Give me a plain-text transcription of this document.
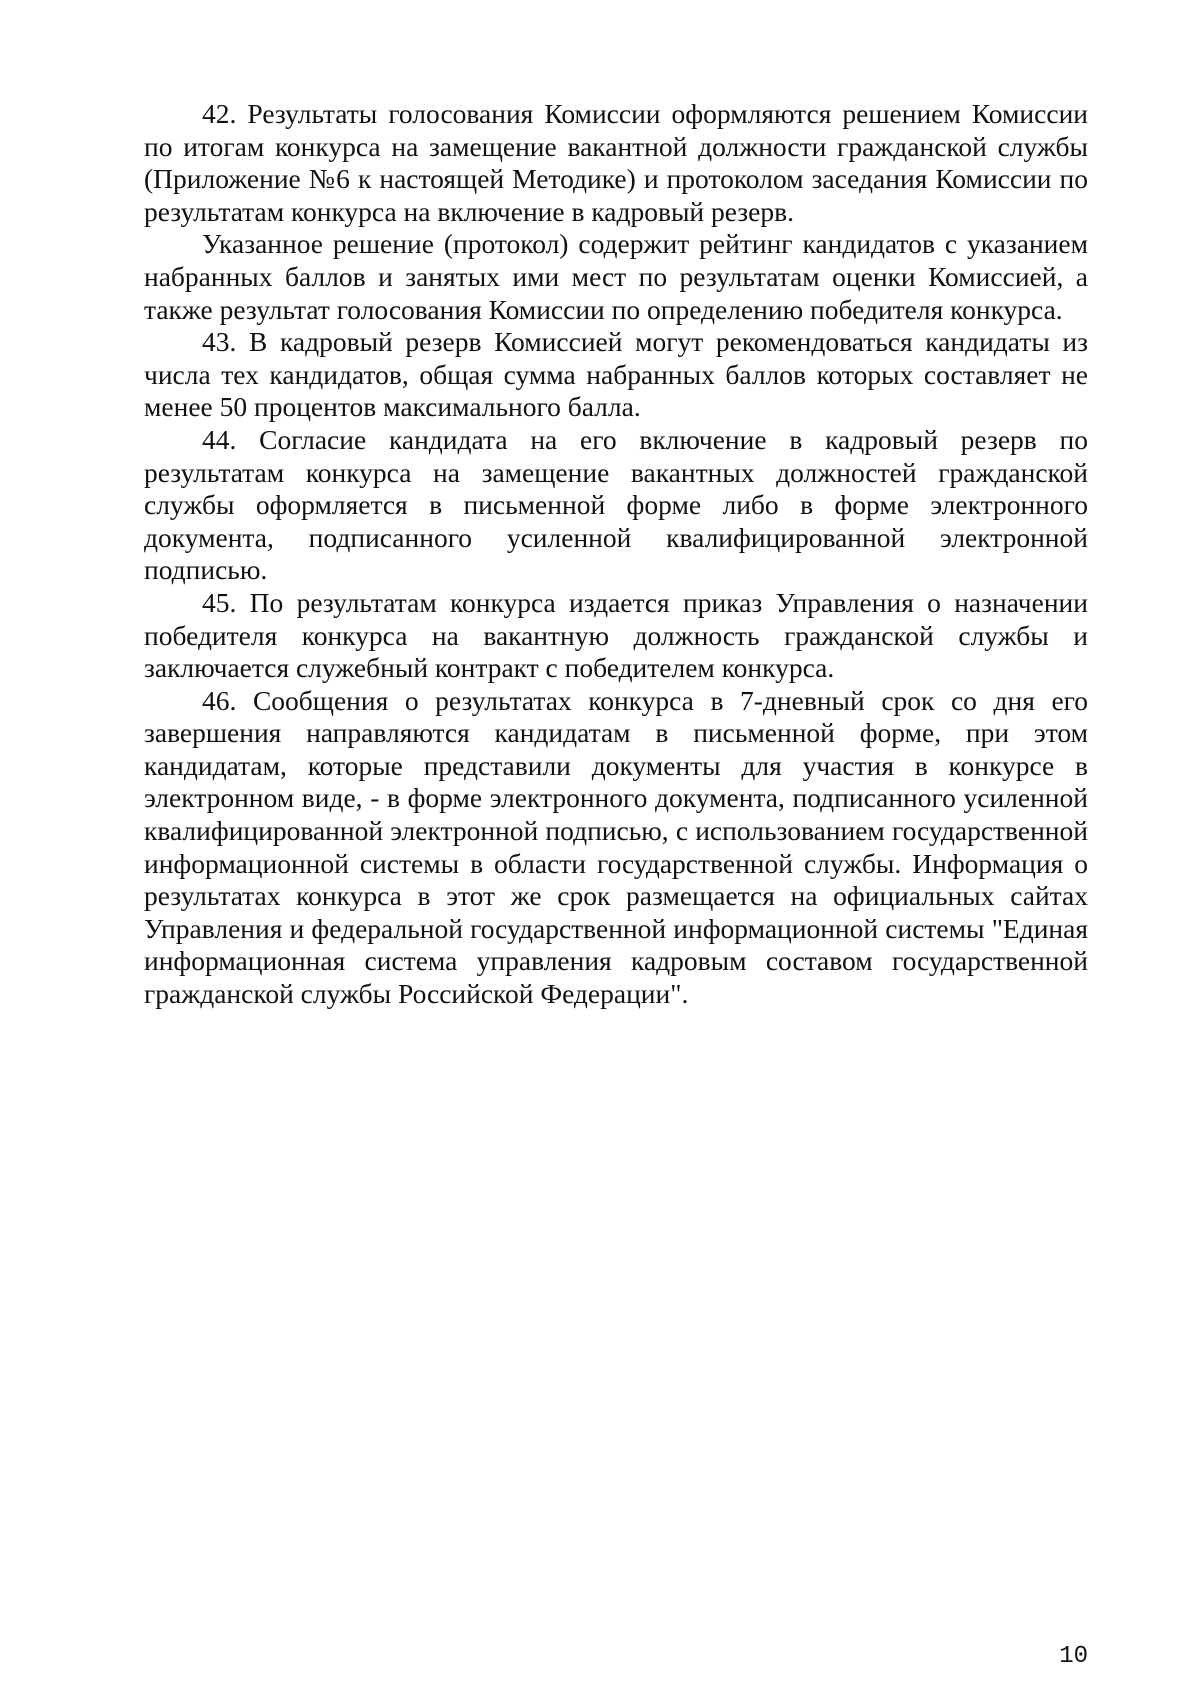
42. Результаты голосования Комиссии оформляются решением Комиссии по итогам конкурса на замещение вакантной должности гражданской службы (Приложение №6 к настоящей Методике) и протоколом заседания Комиссии по результатам конкурса на включение в кадровый резерв.

Указанное решение (протокол) содержит рейтинг кандидатов с указанием набранных баллов и занятых ими мест по результатам оценки Комиссией, а также результат голосования Комиссии по определению победителя конкурса.

43. В кадровый резерв Комиссией могут рекомендоваться кандидаты из числа тех кандидатов, общая сумма набранных баллов которых составляет не менее 50 процентов максимального балла.

44. Согласие кандидата на его включение в кадровый резерв по результатам конкурса на замещение вакантных должностей гражданской службы оформляется в письменной форме либо в форме электронного документа, подписанного усиленной квалифицированной электронной подписью.

45. По результатам конкурса издается приказ Управления о назначении победителя конкурса на вакантную должность гражданской службы и заключается служебный контракт с победителем конкурса.

46. Сообщения о результатах конкурса в 7-дневный срок со дня его завершения направляются кандидатам в письменной форме, при этом кандидатам, которые представили документы для участия в конкурсе в электронном виде, - в форме электронного документа, подписанного усиленной квалифицированной электронной подписью, с использованием государственной информационной системы в области государственной службы. Информация о результатах конкурса в этот же срок размещается на официальных сайтах Управления и федеральной государственной информационной системы "Единая информационная система управления кадровым составом государственной гражданской службы Российской Федерации".

10
